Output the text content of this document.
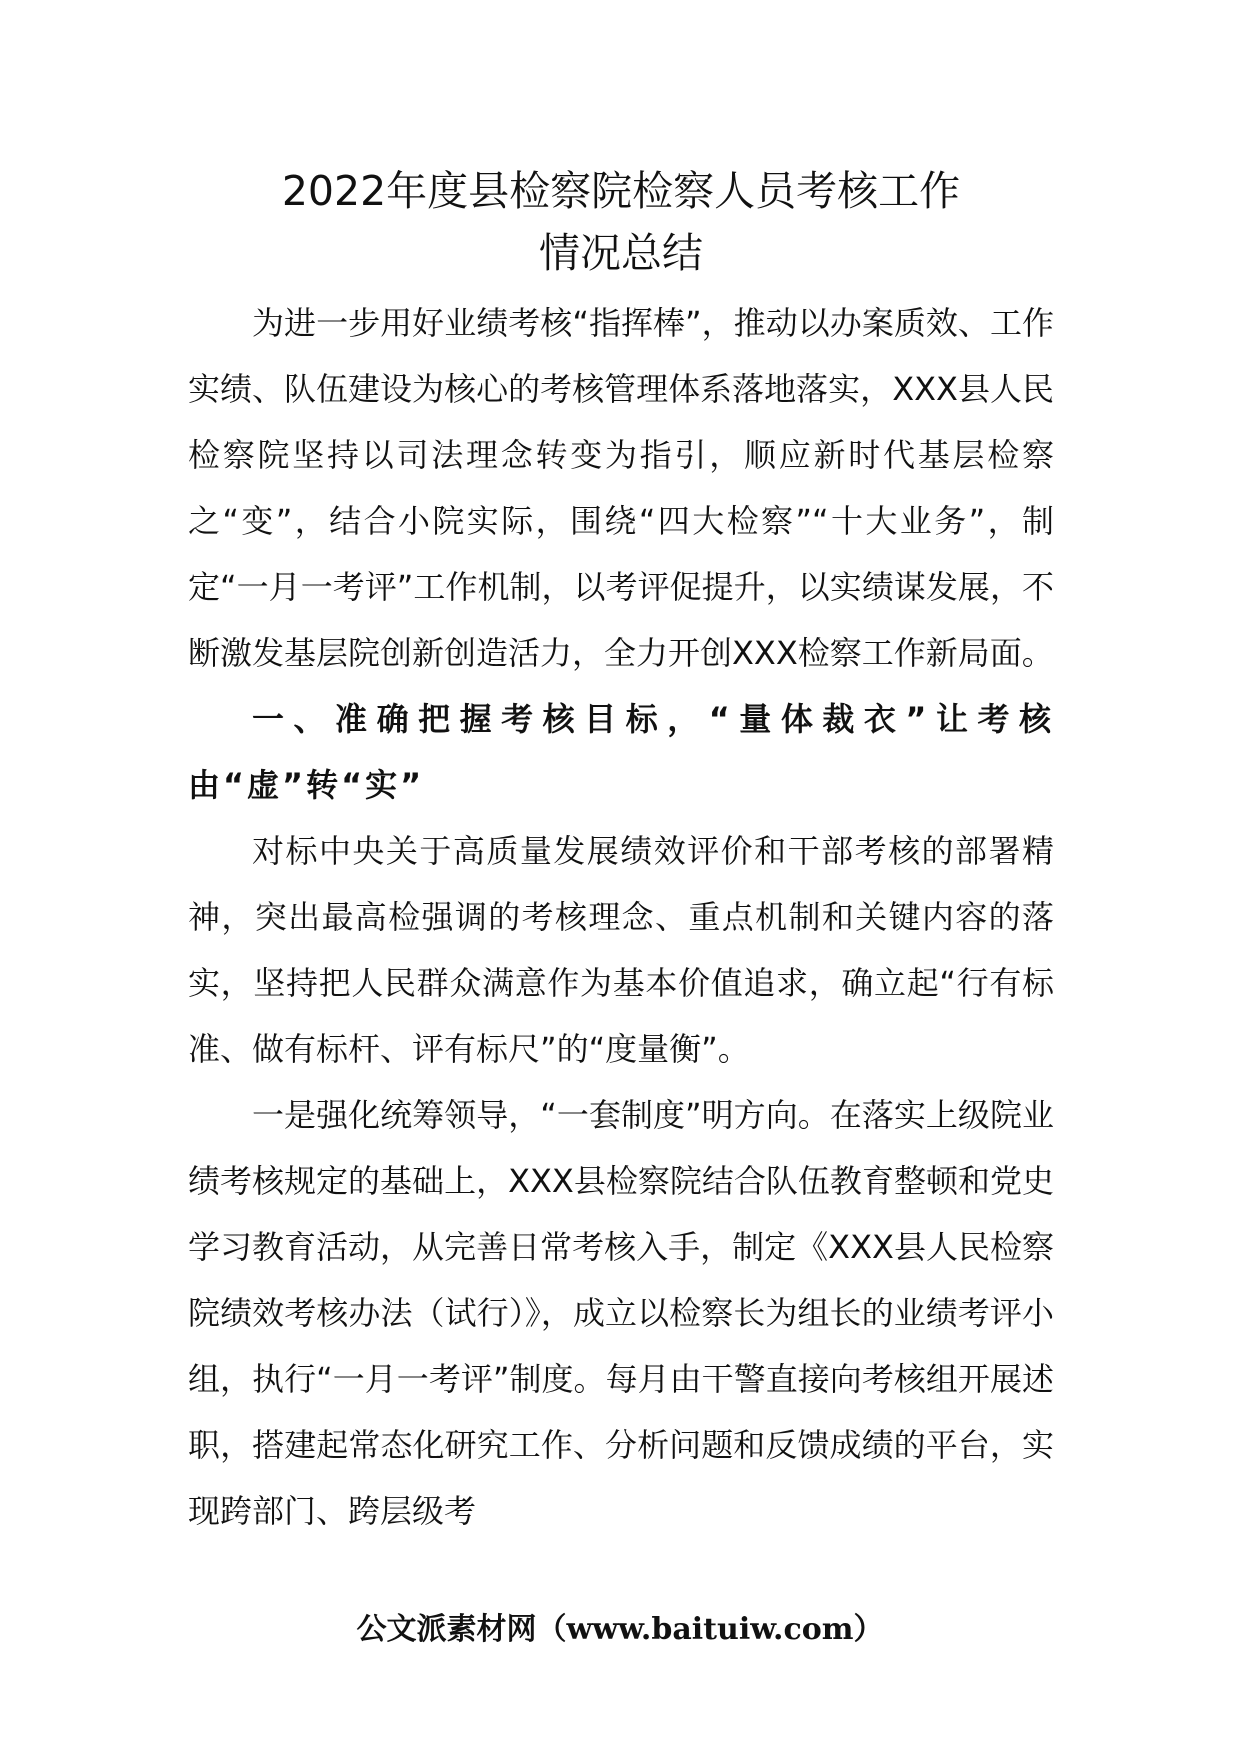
2022年度县检察院检察人员考核工作
情况总结

为进一步用好业绩考核“指挥棒”，推动以办案质效、工作实绩、队伍建设为核心的考核管理体系落地落实，XXX县人民检察院坚持以司法理念转变为指引，顺应新时代基层检察之“变”，结合小院实际，围绕“四大检察”“十大业务”，制定“一月一考评”工作机制，以考评促提升，以实绩谋发展，不断激发基层院创新创造活力，全力开创XXX检察工作新局面。

一、准确把握考核目标，“量体裁衣”让考核由“虚”转“实”

对标中央关于高质量发展绩效评价和干部考核的部署精神，突出最高检强调的考核理念、重点机制和关键内容的落实，坚持把人民群众满意作为基本价值追求，确立起“行有标准、做有标杆、评有标尺”的“度量衡”。

一是强化统筹领导，“一套制度”明方向。在落实上级院业绩考核规定的基础上，XXX县检察院结合队伍教育整顿和党史学习教育活动，从完善日常考核入手，制定《XXX县人民检察院绩效考核办法（试行）》，成立以检察长为组长的业绩考评小组，执行“一月一考评”制度。每月由干警直接向考核组开展述职，搭建起常态化研究工作、分析问题和反馈成绩的平台，实现跨部门、跨层级考

公文派素材网（www.baituiw.com）
